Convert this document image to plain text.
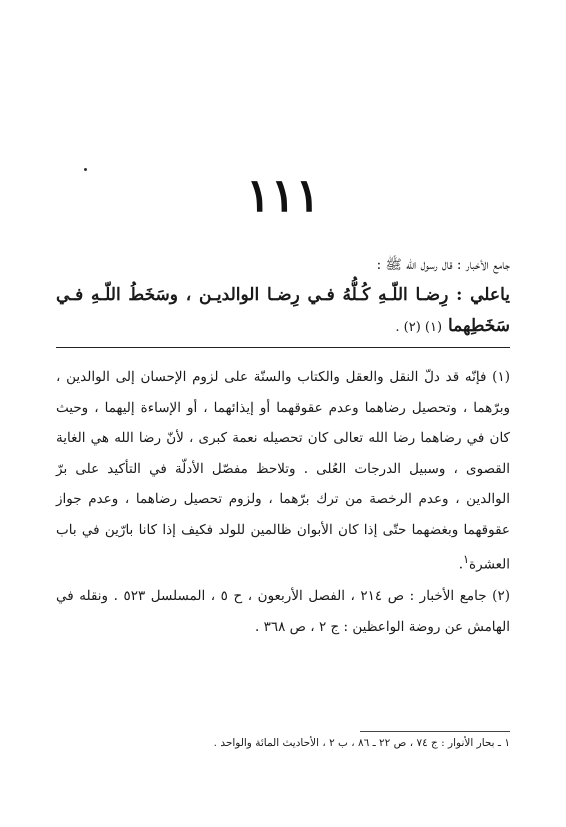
١١١
جامع الأخبار : قال رسول الله ﷺ :
ياعلي : رِضـا اللّـهِ كُـلُّهُ فـي رِضـا الوالديـن ، وسَخَطُ اللّـهِ فـي سَخَطِهما (١) (٢) .

(١) فإنّه قد دلّ النقل والعقل والكتاب والسنّة على لزوم الإحسان إلى الوالدين ، وبرّهما ، وتحصيل رضاهما وعدم عقوقهما أو إيذائهما ، أو الإساءة إليهما ، وحيث كان في رضاهما رضا الله تعالى كان تحصيله نعمة كبرى ، لأنّ رضا الله هي الغاية القصوى ، وسبيل الدرجات العُلى . وتلاحظ مفصّل الأدلّة في التأكيد على برّ الوالدين ، وعدم الرخصة من ترك برّهما ، ولزوم تحصيل رضاهما ، وعدم جواز عقوقهما وبغضهما حتّى إذا كان الأبوان ظالمين للولد فكيف إذا كانا بارّين في باب العشرة$^١$.

(٢) جامع الأخبار : ص ٢١٤ ، الفصل الأربعون ، ح ٥ ، المسلسل ٥٢٣ . ونقله في الهامش عن روضة الواعظين : ج ٢ ، ص ٣٦٨ .

١ ـ بحار الأنوار : ج ٧٤ ، ص ٢٢ ـ ٨٦ ، ب ٢ ، الأحاديث المائة والواحد .
